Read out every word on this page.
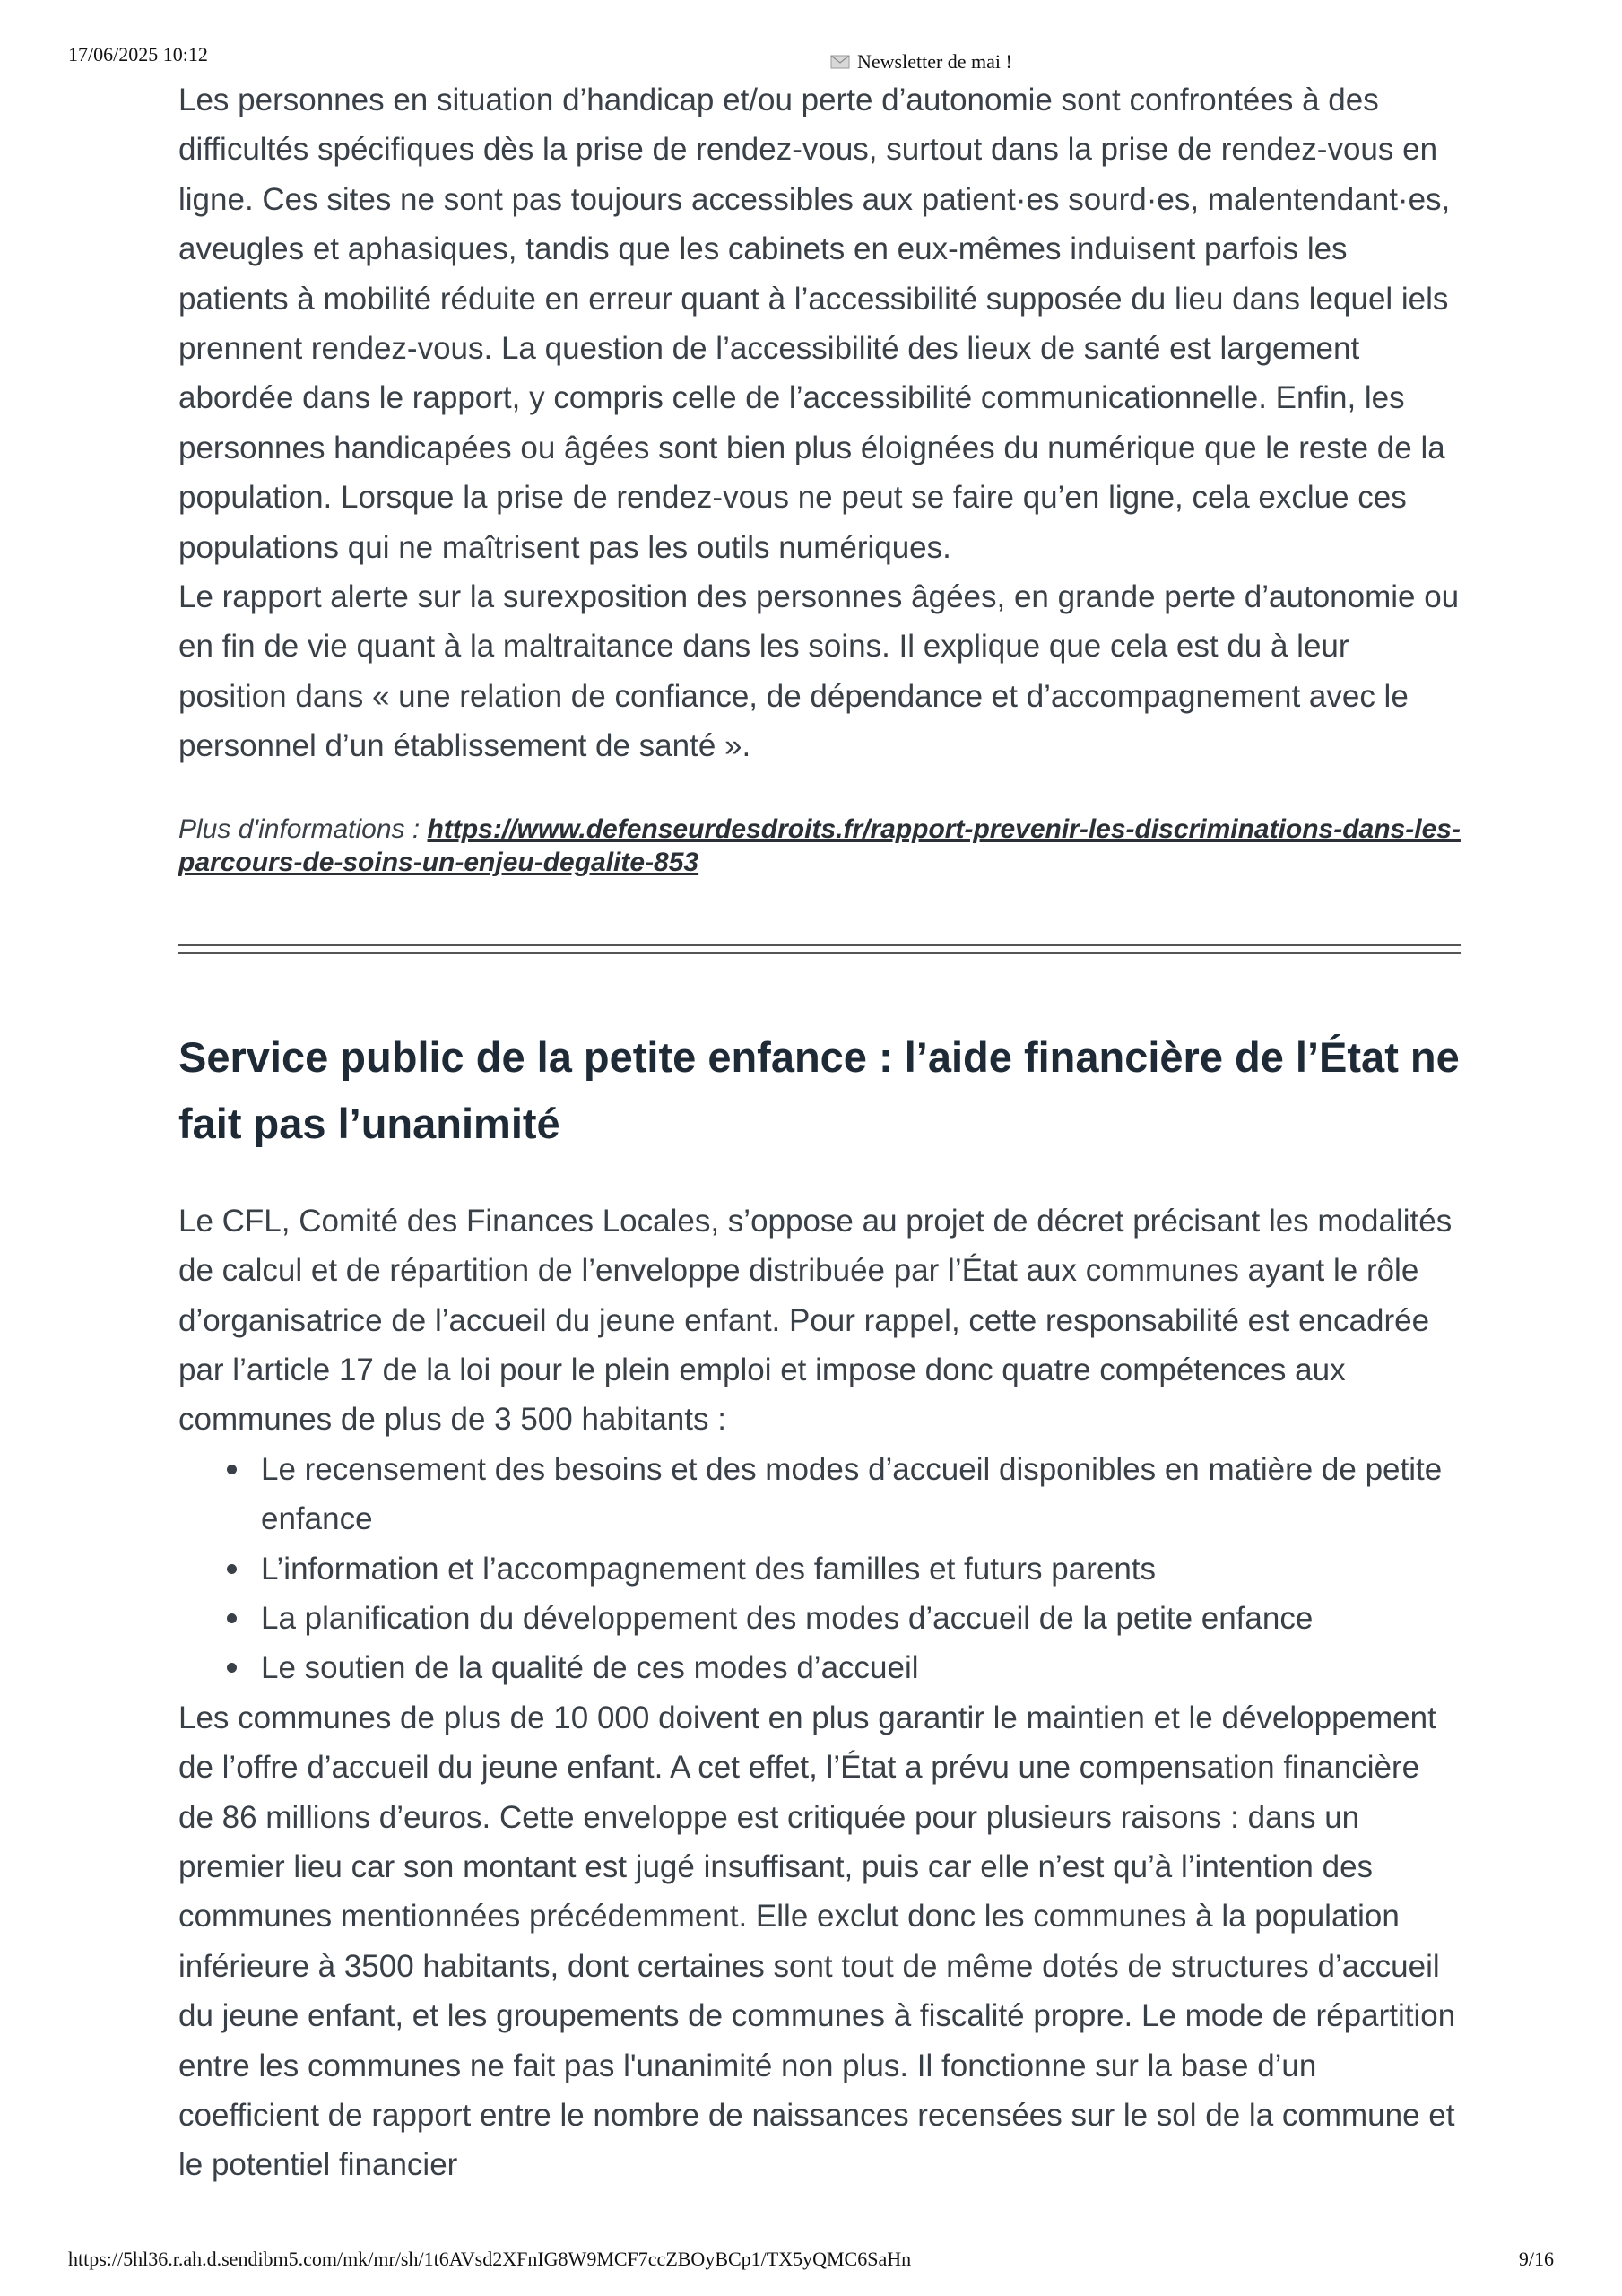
17/06/2025 10:12	Newsletter de mai !

Les personnes en situation d’handicap et/ou perte d’autonomie sont confrontées à des difficultés spécifiques dès la prise de rendez-vous, surtout dans la prise de rendez-vous en ligne. Ces sites ne sont pas toujours accessibles aux patient·es sourd·es, malentendant·es, aveugles et aphasiques, tandis que les cabinets en eux-mêmes induisent parfois les patients à mobilité réduite en erreur quant à l’accessibilité supposée du lieu dans lequel iels prennent rendez-vous. La question de l’accessibilité des lieux de santé est largement abordée dans le rapport, y compris celle de l’accessibilité communicationnelle. Enfin, les personnes handicapées ou âgées sont bien plus éloignées du numérique que le reste de la population. Lorsque la prise de rendez-vous ne peut se faire qu’en ligne, cela exclue ces populations qui ne maîtrisent pas les outils numériques.

Le rapport alerte sur la surexposition des personnes âgées, en grande perte d’autonomie ou en fin de vie quant à la maltraitance dans les soins. Il explique que cela est du à leur position dans « une relation de confiance, de dépendance et d’accompagnement avec le personnel d’un établissement de santé ».

Plus d'informations : https://www.defenseurdesdroits.fr/rapport-prevenir-les-discriminations-dans-les-parcours-de-soins-un-enjeu-degalite-853
Service public de la petite enfance : l’aide financière de l’État ne fait pas l’unanimité

Le CFL, Comité des Finances Locales, s’oppose au projet de décret précisant les modalités de calcul et de répartition de l’enveloppe distribuée par l’État aux communes ayant le rôle d’organisatrice de l’accueil du jeune enfant. Pour rappel, cette responsabilité est encadrée par l’article 17 de la loi pour le plein emploi et impose donc quatre compétences aux communes de plus de 3 500 habitants :

Le recensement des besoins et des modes d’accueil disponibles en matière de petite enfance
L’information et l’accompagnement des familles et futurs parents
La planification du développement des modes d’accueil de la petite enfance
Le soutien de la qualité de ces modes d’accueil

Les communes de plus de 10 000 doivent en plus garantir le maintien et le développement de l’offre d’accueil du jeune enfant. A cet effet, l’État a prévu une compensation financière de 86 millions d’euros. Cette enveloppe est critiquée pour plusieurs raisons : dans un premier lieu car son montant est jugé insuffisant, puis car elle n’est qu’à l’intention des communes mentionnées précédemment. Elle exclut donc les communes à la population inférieure à 3500 habitants, dont certaines sont tout de même dotés de structures d’accueil du jeune enfant, et les groupements de communes à fiscalité propre. Le mode de répartition entre les communes ne fait pas l'unanimité non plus. Il fonctionne sur la base d’un coefficient de rapport entre le nombre de naissances recensées sur le sol de la commune et le potentiel financier

https://5hl36.r.ah.d.sendibm5.com/mk/mr/sh/1t6AVsd2XFnIG8W9MCF7ccZBOyBCp1/TX5yQMC6SaHn	9/16
